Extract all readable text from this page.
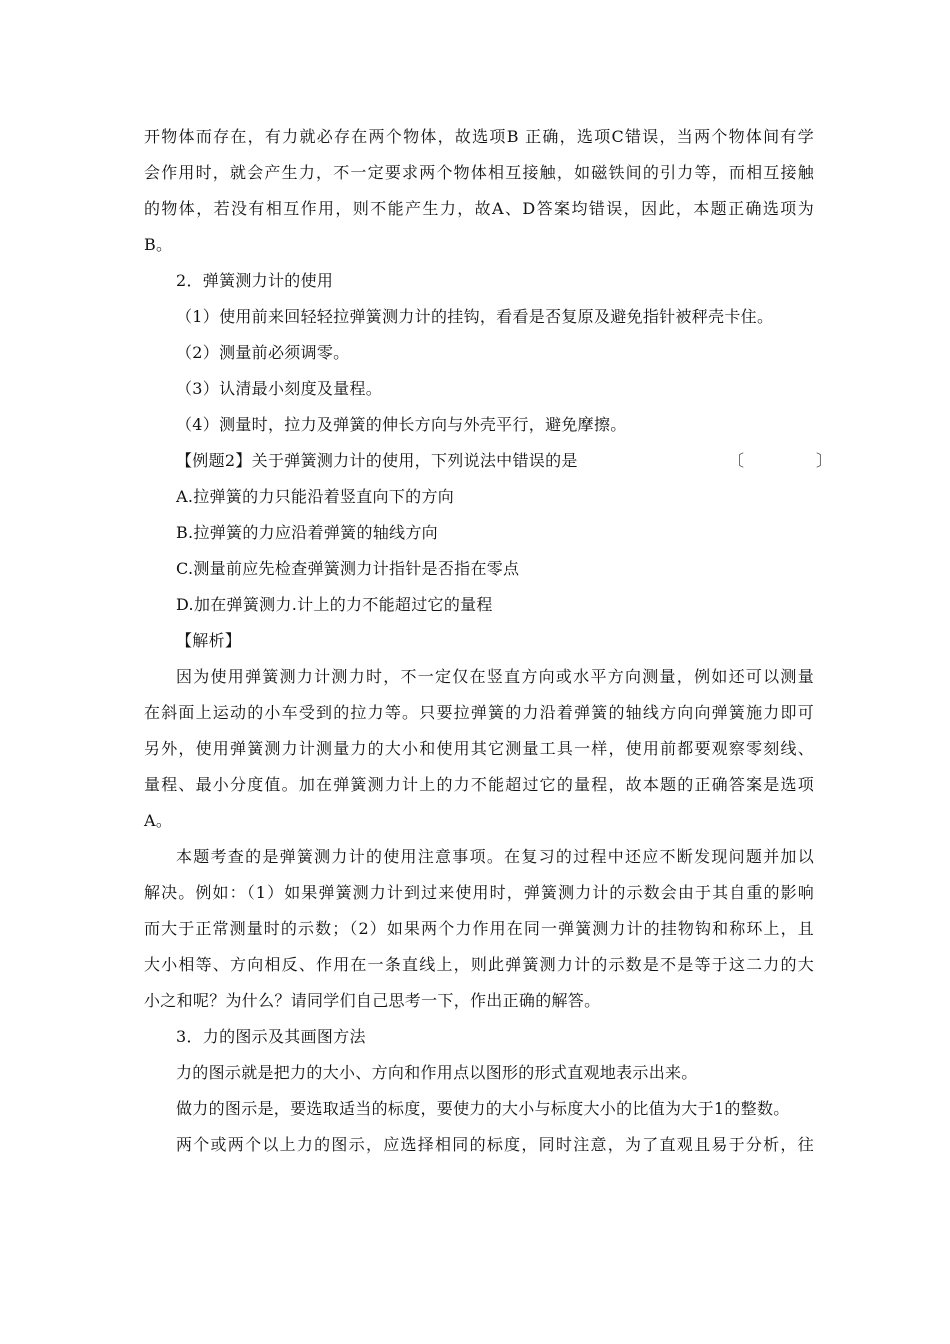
开物体而存在，有力就必存在两个物体，故选项B 正确，选项C错误，当两个物体间有学
会作用时，就会产生力，不一定要求两个物体相互接触，如磁铁间的引力等，而相互接触
的物体，若没有相互作用，则不能产生力，故A、D答案均错误，因此，本题正确选项为
B。
2．弹簧测力计的使用
（1）使用前来回轻轻拉弹簧测力计的挂钩，看看是否复原及避免指针被秤壳卡住。
（2）测量前必须调零。
（3）认清最小刻度及量程。
（4）测量时，拉力及弹簧的伸长方向与外壳平行，避免摩擦。
【例题2】关于弹簧测力计的使用，下列说法中错误的是	〔　〕
A.拉弹簧的力只能沿着竖直向下的方向
B.拉弹簧的力应沿着弹簧的轴线方向
C.测量前应先检查弹簧测力计指针是否指在零点
D.加在弹簧测力.计上的力不能超过它的量程
【解析】
因为使用弹簧测力计测力时，不一定仅在竖直方向或水平方向测量，例如还可以测量
在斜面上运动的小车受到的拉力等。只要拉弹簧的力沿着弹簧的轴线方向向弹簧施力即可
另外，使用弹簧测力计测量力的大小和使用其它测量工具一样，使用前都要观察零刻线、
量程、最小分度值。加在弹簧测力计上的力不能超过它的量程，故本题的正确答案是选项
A。
本题考查的是弹簧测力计的使用注意事项。在复习的过程中还应不断发现问题并加以
解决。例如：（1）如果弹簧测力计到过来使用时，弹簧测力计的示数会由于其自重的影响
而大于正常测量时的示数；（2）如果两个力作用在同一弹簧测力计的挂物钩和称环上，且
大小相等、方向相反、作用在一条直线上，则此弹簧测力计的示数是不是等于这二力的大
小之和呢？为什么？请同学们自己思考一下，作出正确的解答。
3．力的图示及其画图方法
力的图示就是把力的大小、方向和作用点以图形的形式直观地表示出来。
做力的图示是，要选取适当的标度，要使力的大小与标度大小的比值为大于1的整数。
两个或两个以上力的图示，应选择相同的标度，同时注意，为了直观且易于分析，往
